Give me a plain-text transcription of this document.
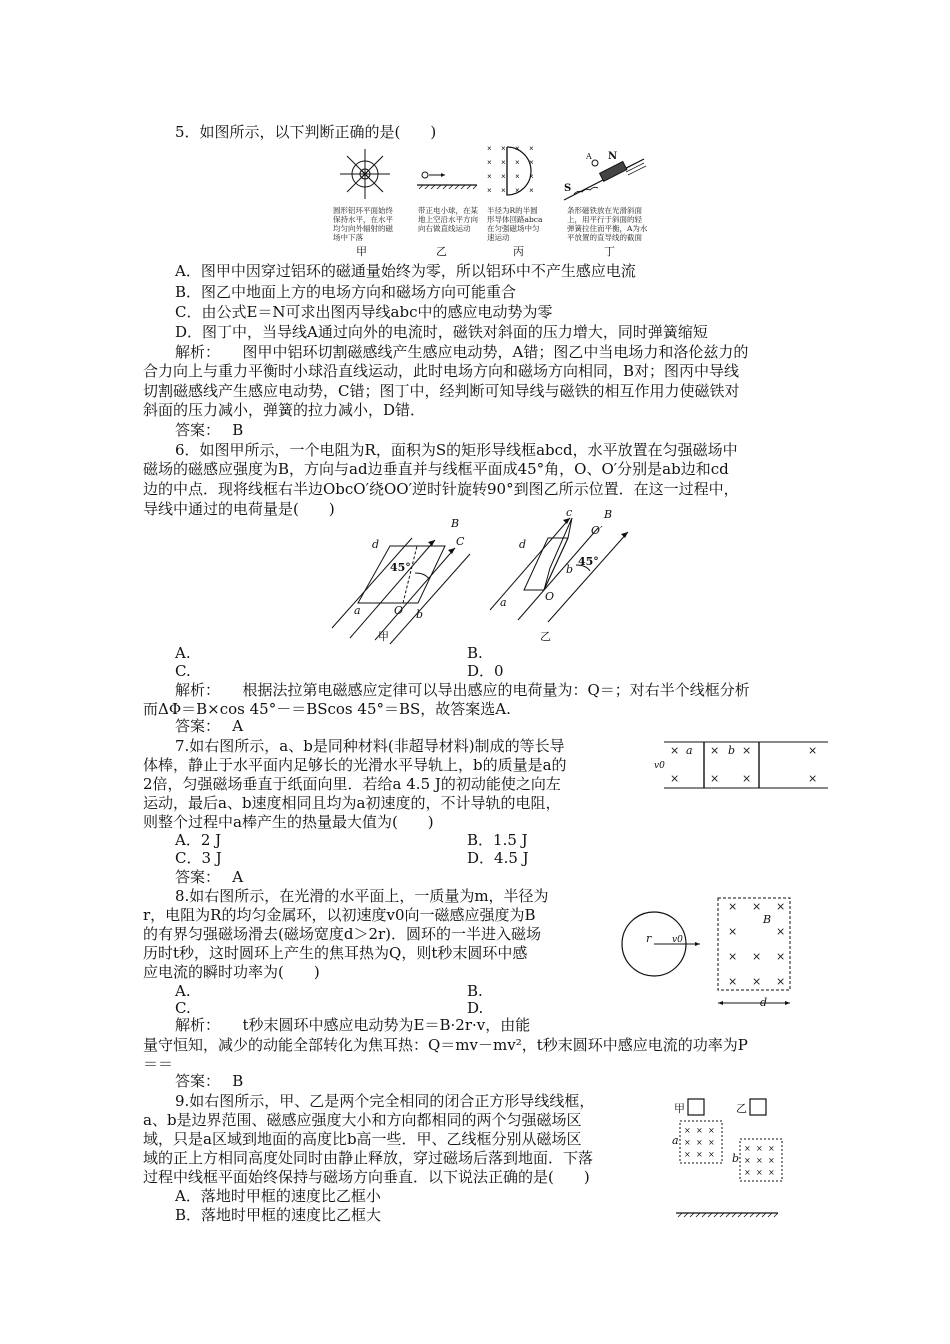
5．如图所示，以下判断正确的是(　　)
圆形铝环平面始终
保持水平，在水平
均匀向外辐射的磁
场中下落
带正电小球，在某
地上空沿水平方向
向右做直线运动
× × × ×
× × × ×
× × × ×
× × × ×
半径为R的半圆
形导体回路abca
在匀强磁场中匀
速运动
N
S
A
条形磁铁放在光滑斜面
上，用平行于斜面的轻
弹簧拉住而平衡，A为水
平放置的直导线的截面
甲	乙	丙	丁
A．图甲中因穿过铝环的磁通量始终为零，所以铝环中不产生感应电流
B．图乙中地面上方的电场方向和磁场方向可能重合
C．由公式E＝N可求出图丙导线abc中的感应电动势为零
D．图丁中，当导线A通过向外的电流时，磁铁对斜面的压力增大，同时弹簧缩短
解析：　　图甲中铝环切割磁感线产生感应电动势，A错；图乙中当电场力和洛伦兹力的
合力向上与重力平衡时小球沿直线运动，此时电场方向和磁场方向相同，B对；图丙中导线
切割磁感线产生感应电动势，C错；图丁中，经判断可知导线与磁铁的相互作用力使磁铁对
斜面的压力减小，弹簧的拉力减小，D错．
答案：　 B
6．如图甲所示，一个电阻为R，面积为S的矩形导线框abcd，水平放置在匀强磁场中
磁场的磁感应强度为B，方向与ad边垂直并与线框平面成45°角，O、O′分别是ab边和cd
边的中点．现将线框右半边ObcO′绕OO′逆时针旋转90°到图乙所示位置．在这一过程中，
导线中通过的电荷量是(　　)
B
C
d
45°
a	O b
甲
c	B
O′
d
45°
b
a	O
乙
A.	B.
C.	D．0
解析：　　根据法拉第电磁感应定律可以导出感应的电荷量为：Q＝；对右半个线框分析
而ΔΦ＝B×cos 45°－＝BScos 45°＝BS，故答案选A.
答案：　 A
7.如右图所示，a、b是同种材料(非超导材料)制成的等长导
体棒，静止于水平面内足够长的光滑水平导轨上，b的质量是a的
2倍，匀强磁场垂直于纸面向里．若给a 4.5 J的初动能使之向左
运动，最后a、b速度相同且均为a初速度的，不计导轨的电阻，
则整个过程中a棒产生的热量最大值为(　　)
× a × b ×	×
v0
×	× ×	×
A．2 J	B．1.5 J
C．3 J	D．4.5 J
答案：　 A
8.如右图所示，在光滑的水平面上，一质量为m，半径为
r，电阻为R的均匀金属环，以初速度v0向一磁感应强度为B
的有界匀强磁场滑去(磁场宽度d＞2r)．圆环的一半进入磁场
历时t秒，这时圆环上产生的焦耳热为Q，则t秒末圆环中感
应电流的瞬时功率为(　　)
r v0
B
d
× × ×
×	×
× × ×
× × ×
A.	B.
C.	D.
解析：　　t秒末圆环中感应电动势为E＝B·2r·v，由能
量守恒知，减少的动能全部转化为焦耳热：Q＝mv－mv²，t秒末圆环中感应电流的功率为P
＝＝
答案：　 B
9.如右图所示，甲、乙是两个完全相同的闭合正方形导线线框，
a、b是边界范围、磁感应强度大小和方向都相同的两个匀强磁场区
域，只是a区域到地面的高度比b高一些．甲、乙线框分别从磁场区
域的正上方相同高度处同时由静止释放，穿过磁场后落到地面．下落
过程中线框平面始终保持与磁场方向垂直．以下说法正确的是(　　)
A．落地时甲框的速度比乙框小
B．落地时甲框的速度比乙框大
甲	乙
a
b
× × ×
× × ×
× × ×
× × ×
× × ×
× × ×
